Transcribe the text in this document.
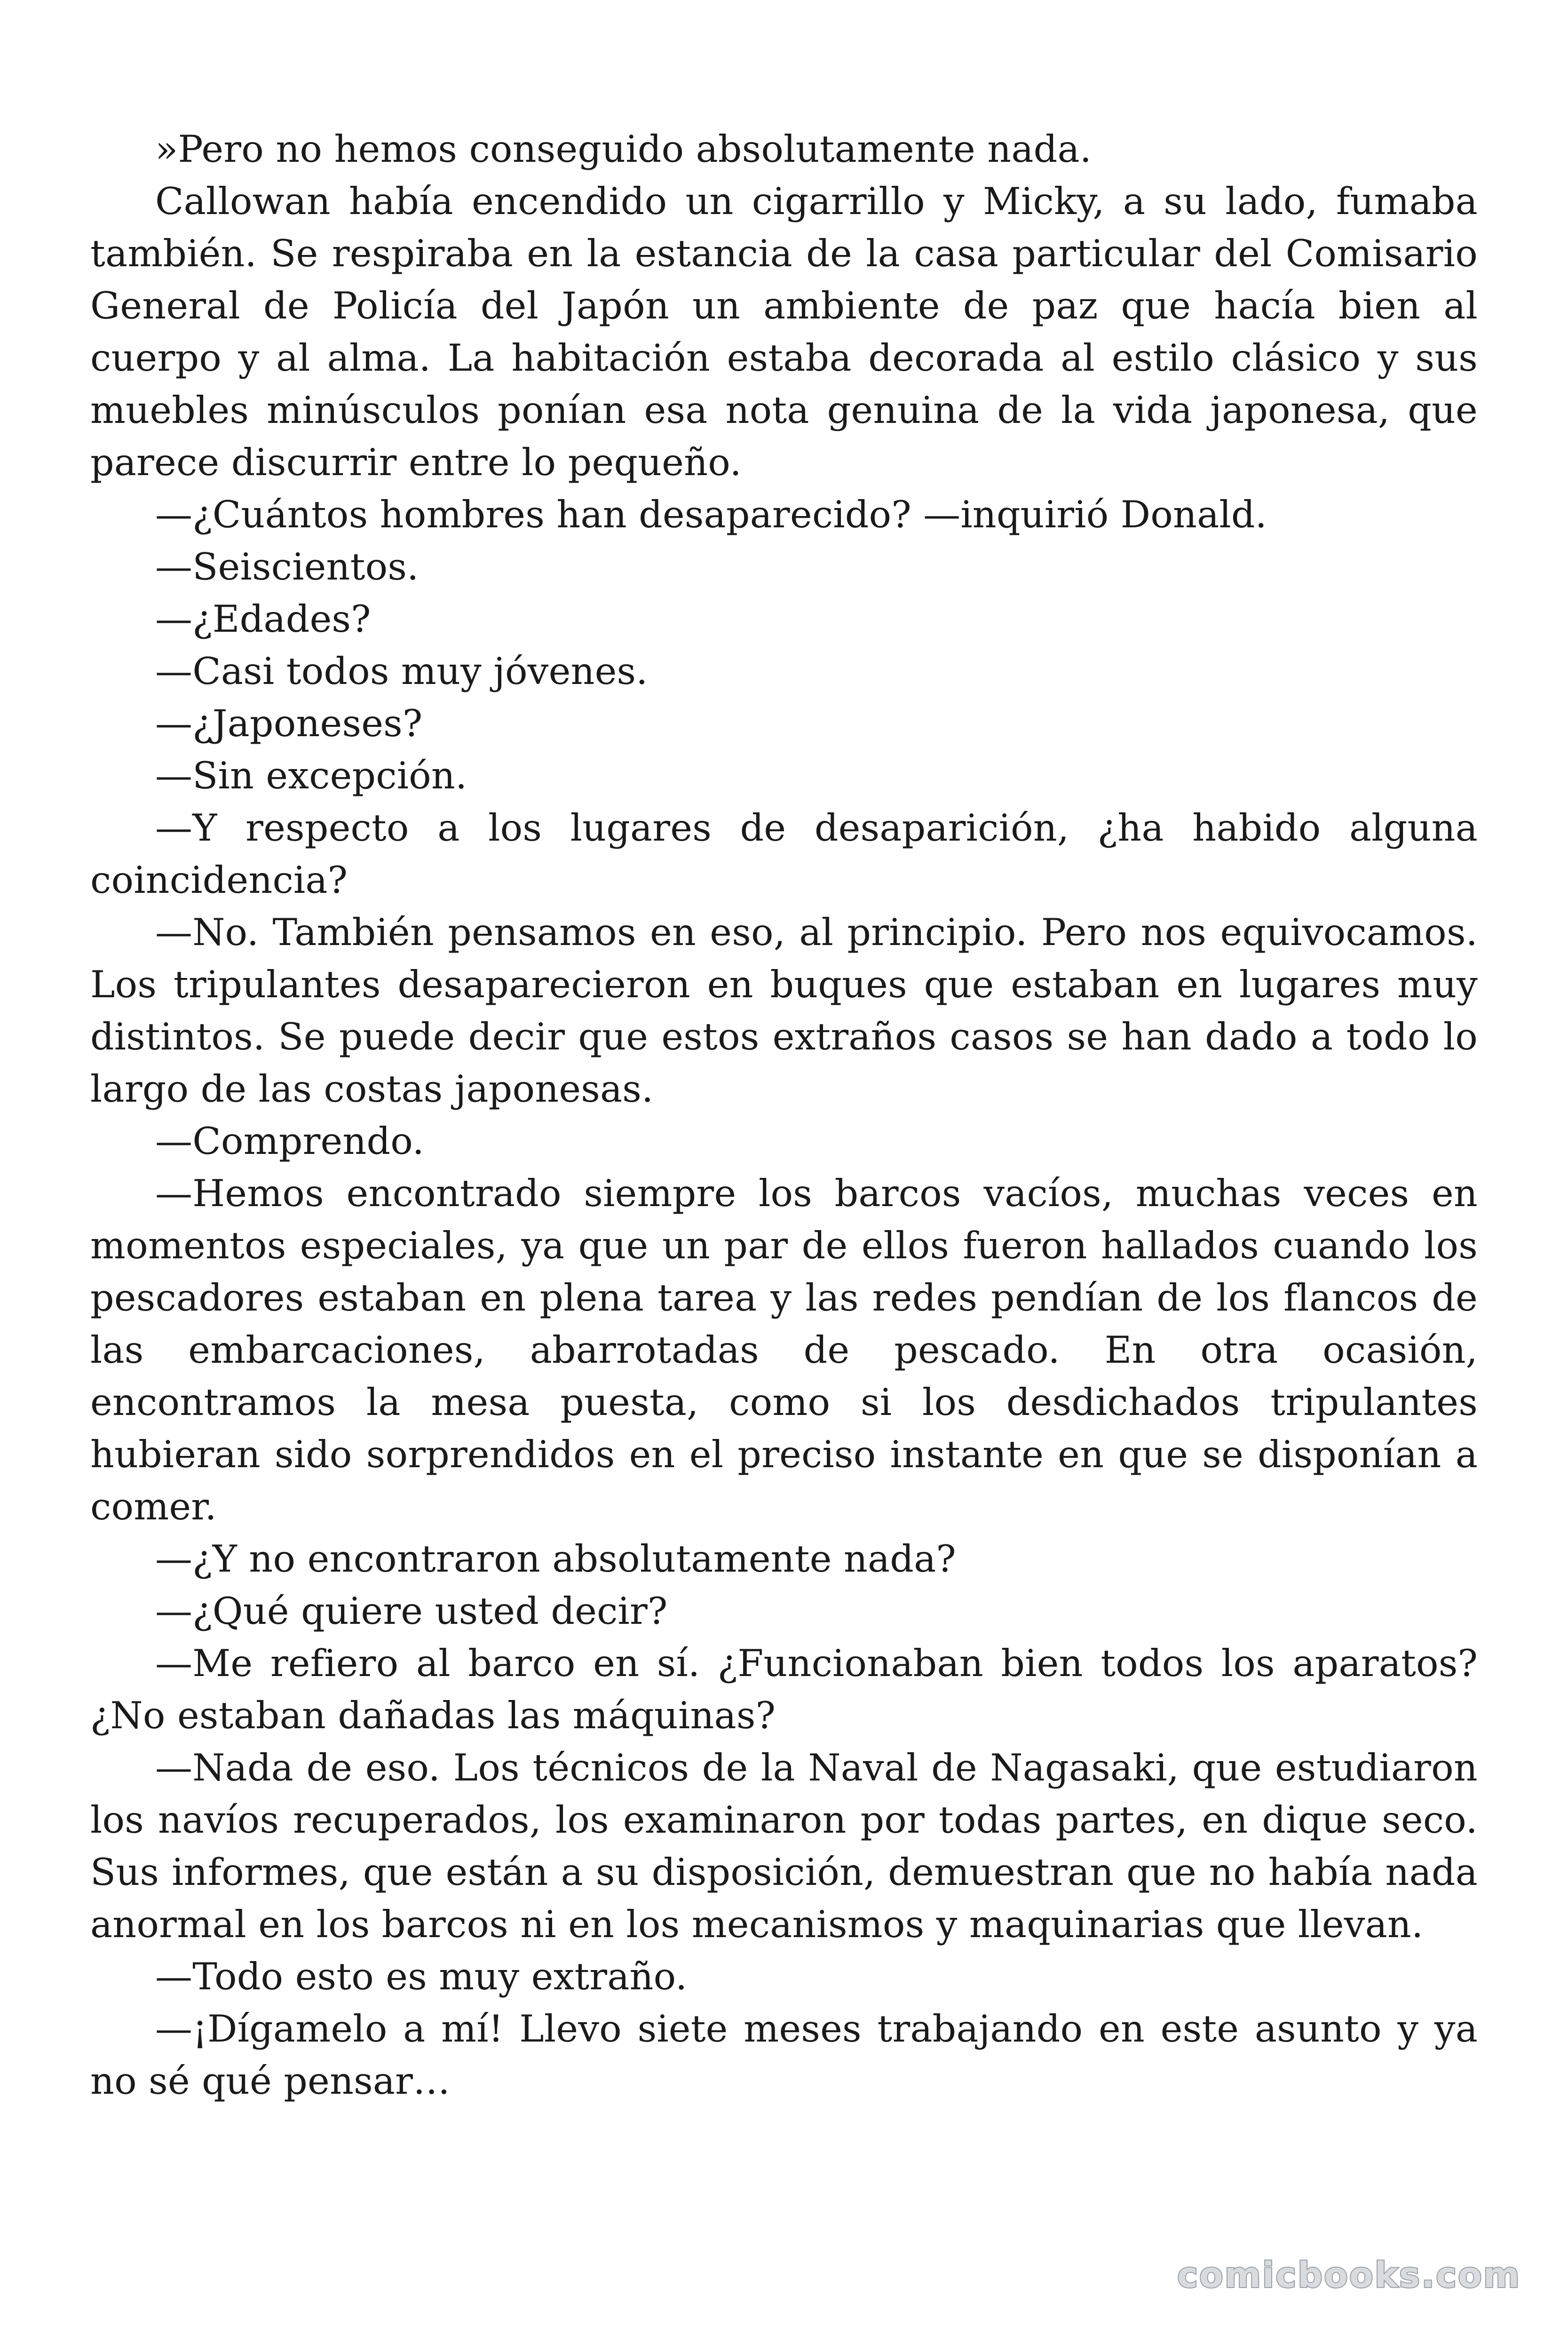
»Pero no hemos conseguido absolutamente nada.

Callowan había encendido un cigarrillo y Micky, a su lado, fumaba también. Se respiraba en la estancia de la casa particular del Comisario General de Policía del Japón un ambiente de paz que hacía bien al cuerpo y al alma. La habitación estaba decorada al estilo clásico y sus muebles minúsculos ponían esa nota genuina de la vida japonesa, que parece discurrir entre lo pequeño.

—¿Cuántos hombres han desaparecido? —inquirió Donald.

—Seiscientos.

—¿Edades?

—Casi todos muy jóvenes.

—¿Japoneses?

—Sin excepción.

—Y respecto a los lugares de desaparición, ¿ha habido alguna coincidencia?

—No. También pensamos en eso, al principio. Pero nos equivocamos. Los tripulantes desaparecieron en buques que estaban en lugares muy distintos. Se puede decir que estos extraños casos se han dado a todo lo largo de las costas japonesas.

—Comprendo.

—Hemos encontrado siempre los barcos vacíos, muchas veces en momentos especiales, ya que un par de ellos fueron hallados cuando los pescadores estaban en plena tarea y las redes pendían de los flancos de las embarcaciones, abarrotadas de pescado. En otra ocasión, encontramos la mesa puesta, como si los desdichados tripulantes hubieran sido sorprendidos en el preciso instante en que se disponían a comer.

—¿Y no encontraron absolutamente nada?

—¿Qué quiere usted decir?

—Me refiero al barco en sí. ¿Funcionaban bien todos los aparatos? ¿No estaban dañadas las máquinas?

—Nada de eso. Los técnicos de la Naval de Nagasaki, que estudiaron los navíos recuperados, los examinaron por todas partes, en dique seco. Sus informes, que están a su disposición, demuestran que no había nada anormal en los barcos ni en los mecanismos y maquinarias que llevan.

—Todo esto es muy extraño.

—¡Dígamelo a mí! Llevo siete meses trabajando en este asunto y ya no sé qué pensar…

comicbooks.com
